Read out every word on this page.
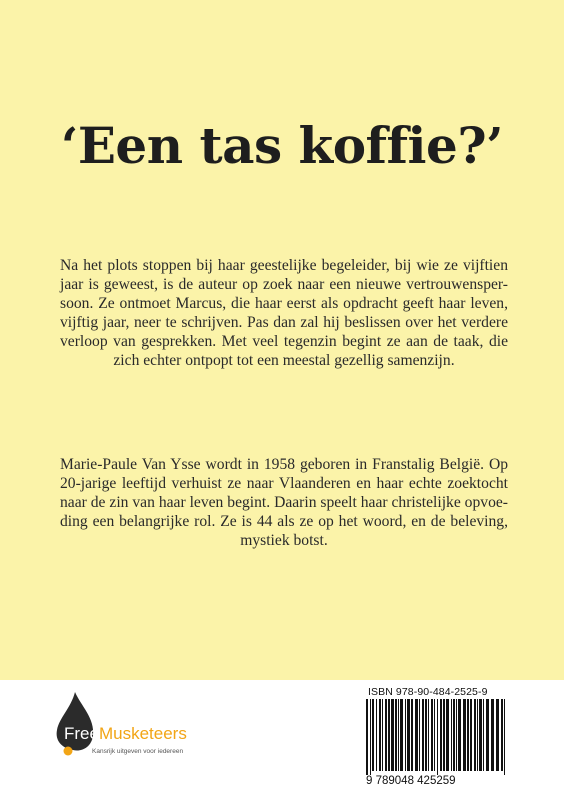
‘Een tas koffie?’

Na het plots stoppen bij haar geestelijke begeleider, bij wie ze vijftien
jaar is geweest, is de auteur op zoek naar een nieuwe vertrouwensper-
soon. Ze ontmoet Marcus, die haar eerst als opdracht geeft haar leven,
vijftig jaar, neer te schrijven. Pas dan zal hij beslissen over het verdere
verloop van gesprekken. Met veel tegenzin begint ze aan de taak, die
zich echter ontpopt tot een meestal gezellig samenzijn.

Marie-Paule Van Ysse wordt in 1958 geboren in Franstalig België. Op
20-jarige leeftijd verhuist ze naar Vlaanderen en haar echte zoektocht
naar de zin van haar leven begint. Daarin speelt haar christelijke opvoe-
ding een belangrijke rol. Ze is 44 als ze op het woord, en de beleving,
mystiek botst.

FreeMusketeers
Kansrijk uitgeven voor iedereen
ISBN 978-90-484-2525-9
9 789048 425259
